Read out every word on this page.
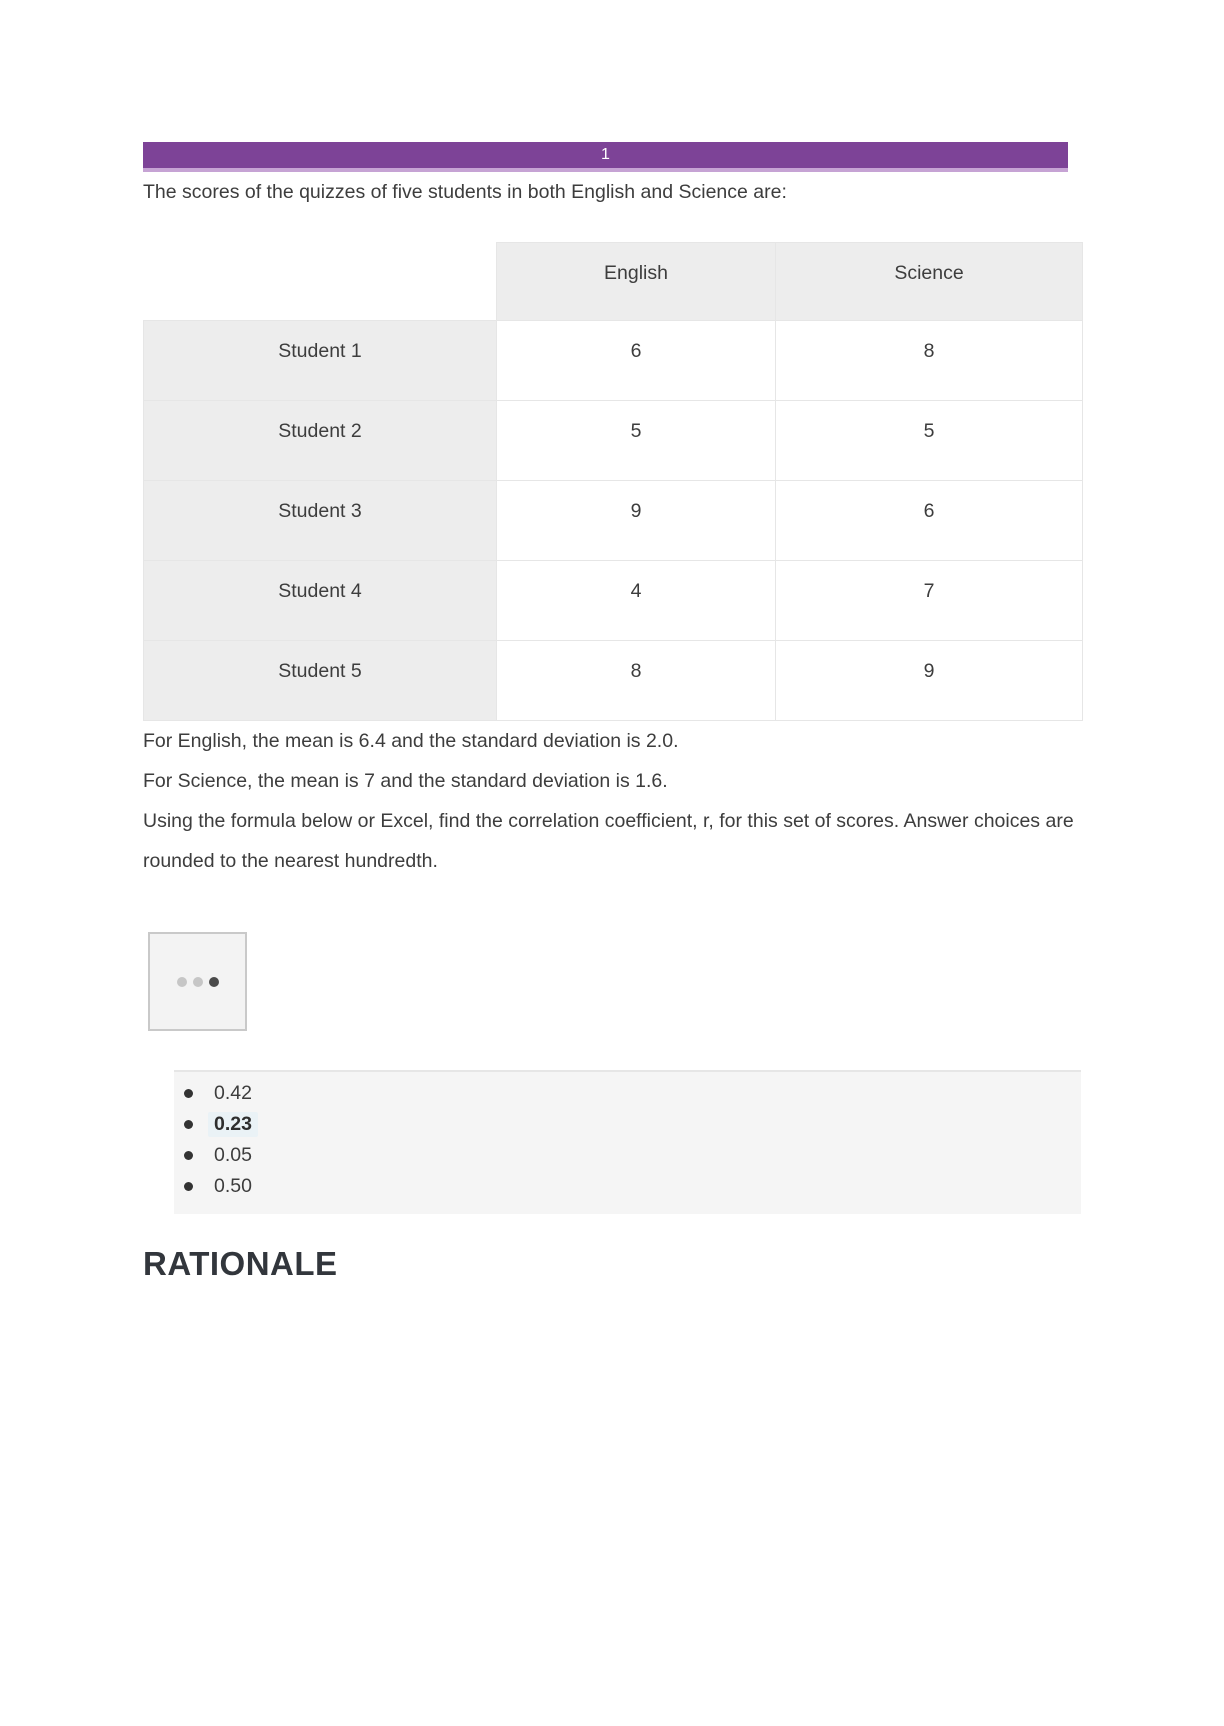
1

The scores of the quizzes of five students in both English and Science are:

	English	Science
Student 1	6	8
Student 2	5	5
Student 3	9	6
Student 4	4	7
Student 5	8	9

For English, the mean is 6.4 and the standard deviation is 2.0.

For Science, the mean is 7 and the standard deviation is 1.6.

Using the formula below or Excel, find the correlation coefficient, r, for this set of scores. Answer choices are rounded to the nearest hundredth.

0.42
0.23
0.05
0.50
RATIONALE
